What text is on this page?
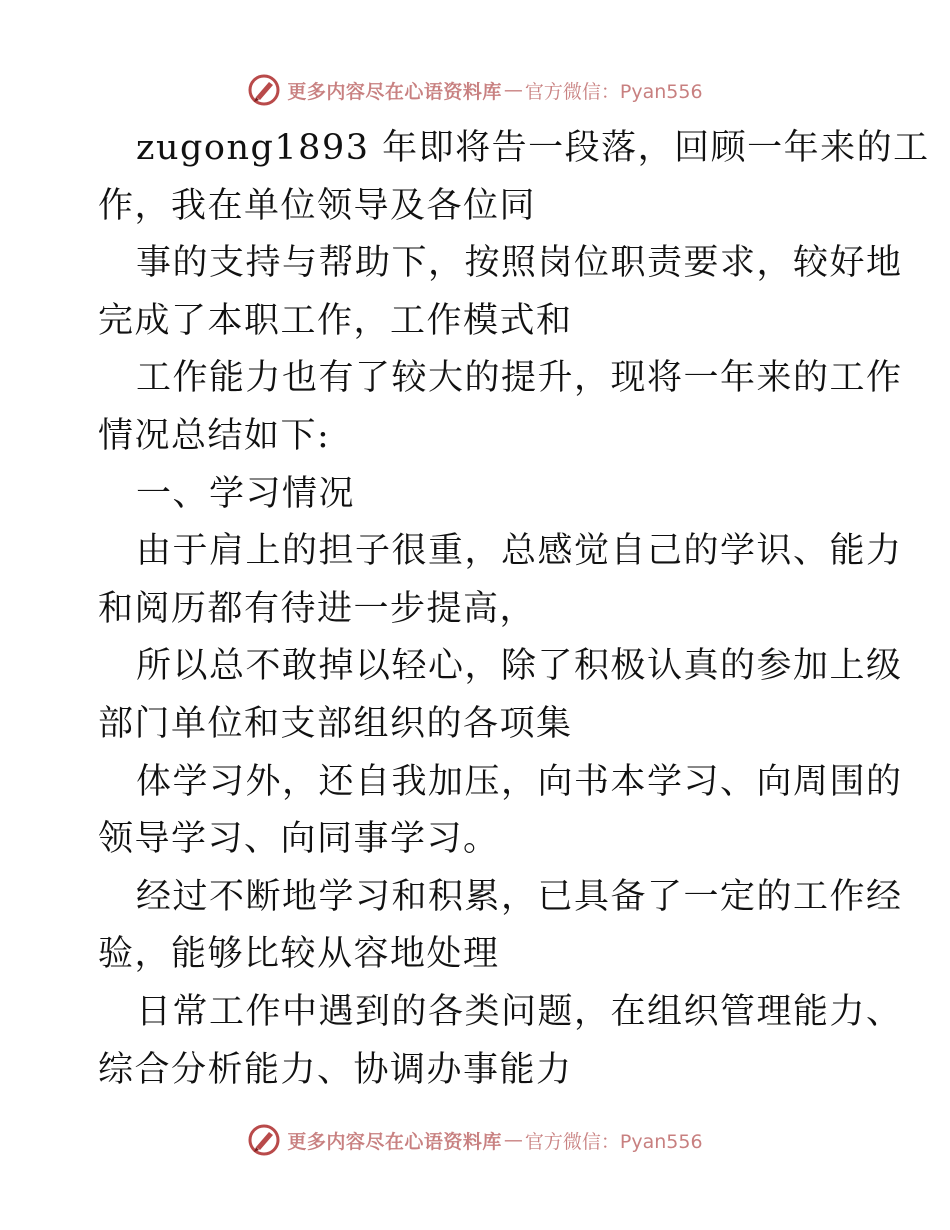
更多内容尽在心语资料库 — 官方微信：Pyan556
zugong1893 年即将告一段落，回顾一年来的工
作，我在单位领导及各位同
事的支持与帮助下，按照岗位职责要求，较好地
完成了本职工作，工作模式和
工作能力也有了较大的提升，现将一年来的工作
情况总结如下:
一、学习情况
由于肩上的担子很重，总感觉自己的学识、能力
和阅历都有待进一步提高，
所以总不敢掉以轻心，除了积极认真的参加上级
部门单位和支部组织的各项集
体学习外，还自我加压，向书本学习、向周围的
领导学习、向同事学习。
经过不断地学习和积累，已具备了一定的工作经
验，能够比较从容地处理
日常工作中遇到的各类问题，在组织管理能力、
综合分析能力、协调办事能力
更多内容尽在心语资料库 — 官方微信：Pyan556
